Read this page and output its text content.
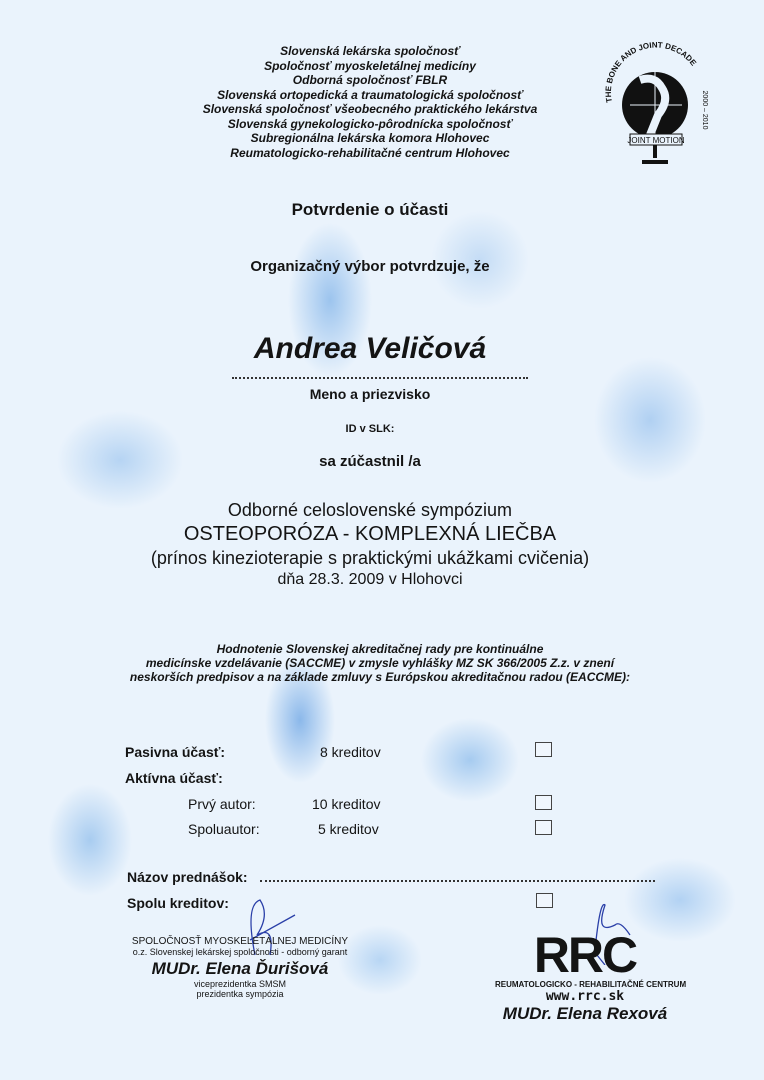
Slovenská lekárska spoločnosť
Spoločnosť myoskeletálnej medicíny
Odborná spoločnosť FBLR
Slovenská ortopedická a traumatologická spoločnosť
Slovenská spoločnosť všeobecného praktického lekárstva
Slovenská gynekologicko-pôrodnícka spoločnosť
Subregionálna lekárska komora Hlohovec
Reumatologicko-rehabilitačné centrum Hlohovec
THE BONE AND JOINT DECADE
JOINT MOTION
2000 – 2010
Potvrdenie o účasti
Organizačný výbor potvrdzuje, že
Andrea Veličová
Meno a priezvisko
ID v SLK:
sa zúčastnil /a
Odborné celoslovenské sympózium
OSTEOPORÓZA - KOMPLEXNÁ LIEČBA
(prínos kinezioterapie s praktickými ukážkami cvičenia)
dňa 28.3. 2009 v Hlohovci
Hodnotenie Slovenskej akreditačnej rady pre kontinuálne
medicínske vzdelávanie (SACCME) v zmysle vyhlášky MZ SK 366/2005 Z.z. v znení
neskorších predpisov a na základe zmluvy s Európskou akreditačnou radou (EACCME):
Pasivna účasť:	8 kreditov
Aktívna účasť:
Prvý autor:	10 kreditov
Spoluautor:	5 kreditov
Názov prednášok:
Spolu kreditov:
SPOLOČNOSŤ MYOSKELETÁLNEJ MEDICÍNY
o.z. Slovenskej lekárskej spoločnosti - odborný garant
MUDr. Elena Ďurišová
viceprezidentka SMSM
prezidentka sympózia
RRC
REUMATOLOGICKO - REHABILITAČNÉ CENTRUM
www.rrc.sk
MUDr. Elena Rexová
